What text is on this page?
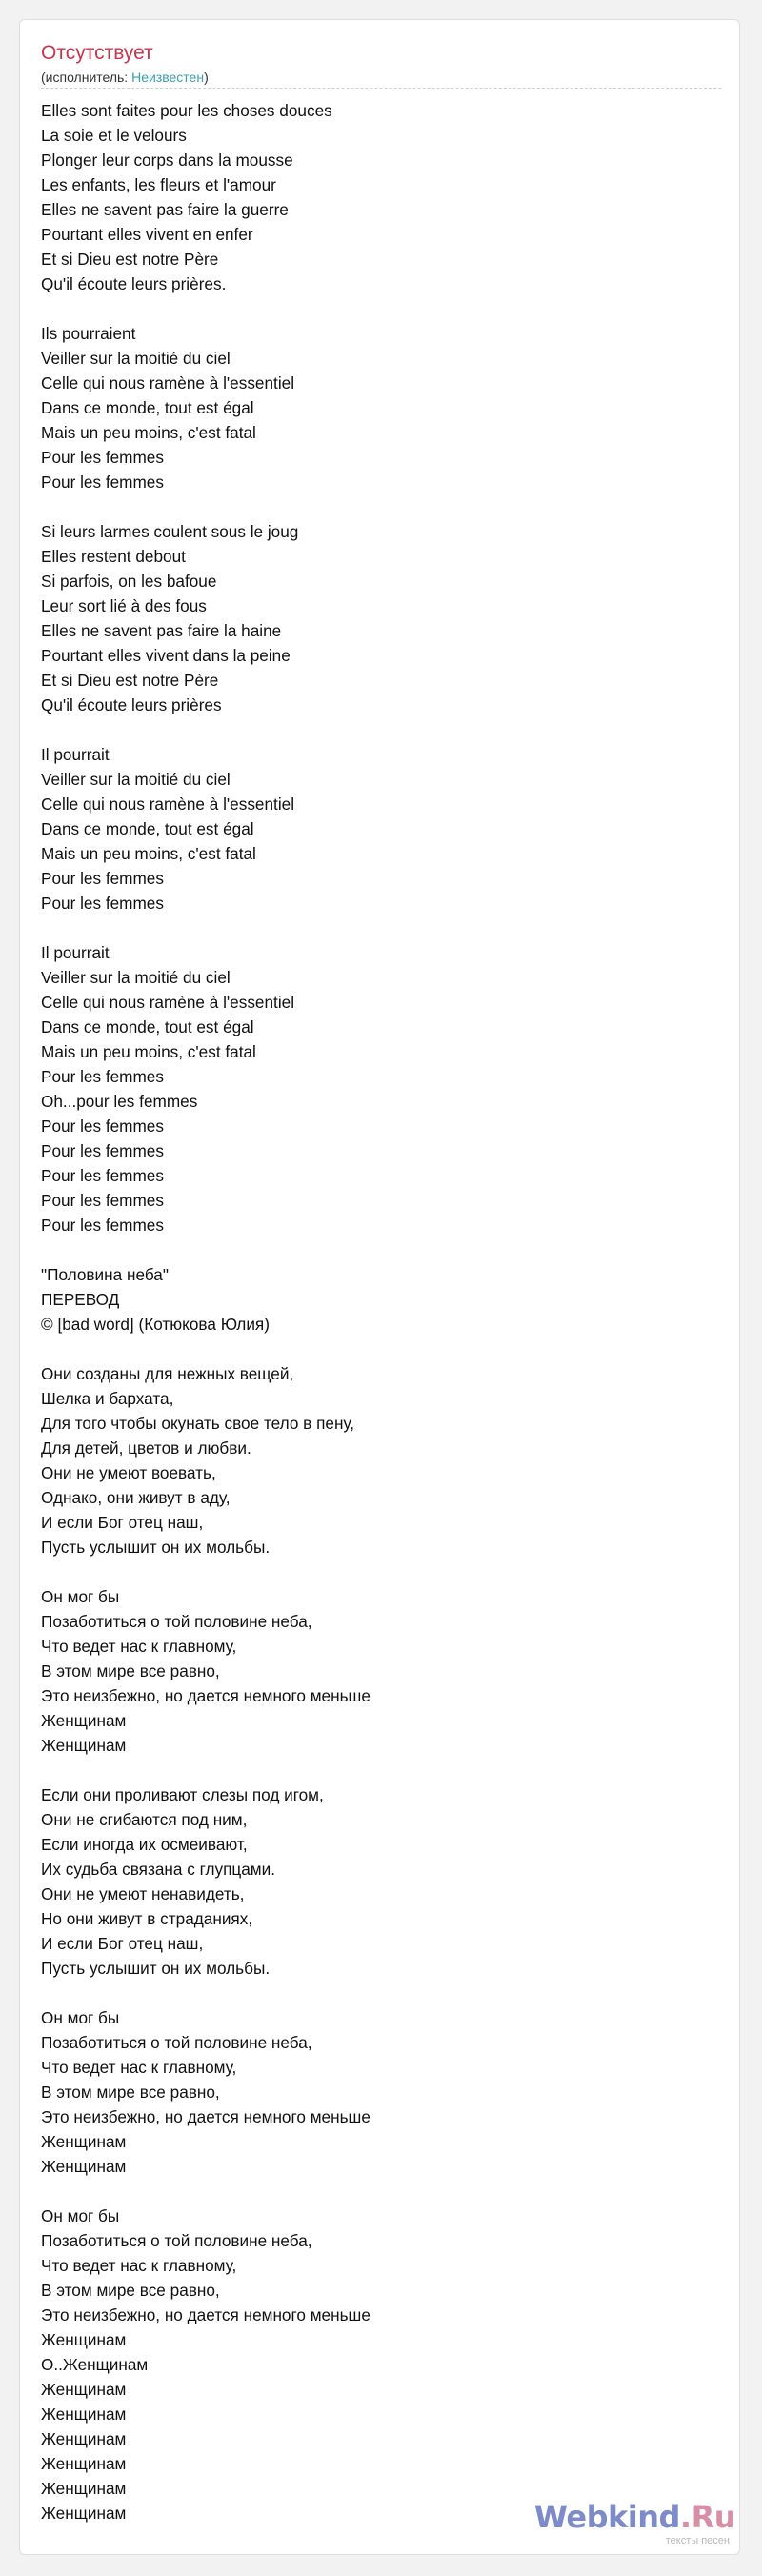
Отсутствует
(исполнитель: Неизвестен)
Elles sont faites pour les choses douces
La soie et le velours
Plonger leur corps dans la mousse
Les enfants, les fleurs et l'amour
Elles ne savent pas faire la guerre
Pourtant elles vivent en enfer
Et si Dieu est notre Père
Qu'il écoute leurs prières.
Ils pourraient
Veiller sur la moitié du ciel
Celle qui nous ramène à l'essentiel
Dans ce monde, tout est égal
Mais un peu moins, c'est fatal
Pour les femmes
Pour les femmes
Si leurs larmes coulent sous le joug
Elles restent debout
Si parfois, on les bafoue
Leur sort lié à des fous
Elles ne savent pas faire la haine
Pourtant elles vivent dans la peine
Et si Dieu est notre Père
Qu'il écoute leurs prières
Il pourrait
Veiller sur la moitié du ciel
Celle qui nous ramène à l'essentiel
Dans ce monde, tout est égal
Mais un peu moins, c'est fatal
Pour les femmes
Pour les femmes
Il pourrait
Veiller sur la moitié du ciel
Celle qui nous ramène à l'essentiel
Dans ce monde, tout est égal
Mais un peu moins, c'est fatal
Pour les femmes
Oh...pour les femmes
Pour les femmes
Pour les femmes
Pour les femmes
Pour les femmes
Pour les femmes
"Половина неба"
ПЕРЕВОД
© [bad word] (Котюкова Юлия)
Они созданы для нежных вещей,
Шелка и бархата,
Для того чтобы окунать свое тело в пену,
Для детей, цветов и любви.
Они не умеют воевать,
Однако, они живут в аду,
И если Бог отец наш,
Пусть услышит он их мольбы.
Он мог бы
Позаботиться о той половине неба,
Что ведет нас к главному,
В этом мире все равно,
Это неизбежно, но дается немного меньше
Женщинам
Женщинам
Если они проливают слезы под игом,
Они не сгибаются под ним,
Если иногда их осмеивают,
Их судьба связана с глупцами.
Они не умеют ненавидеть,
Но они живут в страданиях,
И если Бог отец наш,
Пусть услышит он их мольбы.
Он мог бы
Позаботиться о той половине неба,
Что ведет нас к главному,
В этом мире все равно,
Это неизбежно, но дается немного меньше
Женщинам
Женщинам
Он мог бы
Позаботиться о той половине неба,
Что ведет нас к главному,
В этом мире все равно,
Это неизбежно, но дается немного меньше
Женщинам
О..Женщинам
Женщинам
Женщинам
Женщинам
Женщинам
Женщинам
Женщинам	Webkind.Ru
тексты песен
